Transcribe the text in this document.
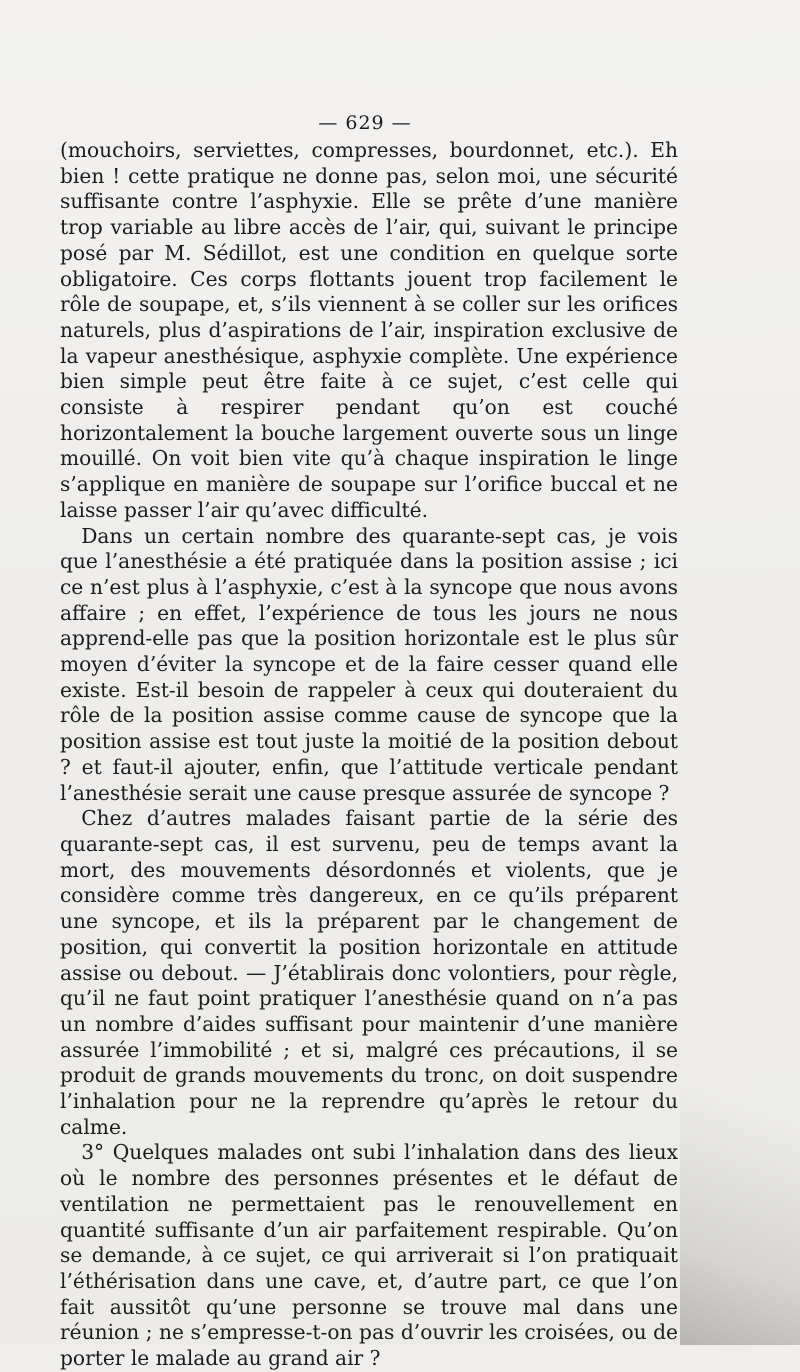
— 629 —

(mouchoirs, serviettes, compresses, bourdonnet, etc.). Eh bien ! cette pratique ne donne pas, selon moi, une sécurité suffisante contre l’asphyxie. Elle se prête d’une manière trop variable au libre accès de l’air, qui, suivant le principe posé par M. Sédillot, est une condition en quelque sorte obligatoire. Ces corps flottants jouent trop facilement le rôle de soupape, et, s’ils viennent à se coller sur les orifices naturels, plus d’aspirations de l’air, inspiration exclusive de la vapeur anesthésique, asphyxie complète. Une expérience bien simple peut être faite à ce sujet, c’est celle qui consiste à respirer pendant qu’on est couché horizontalement la bouche largement ouverte sous un linge mouillé. On voit bien vite qu’à chaque inspiration le linge s’applique en manière de soupape sur l’orifice buccal et ne laisse passer l’air qu’avec difficulté.

Dans un certain nombre des quarante-sept cas, je vois que l’anesthésie a été pratiquée dans la position assise ; ici ce n’est plus à l’asphyxie, c’est à la syncope que nous avons affaire ; en effet, l’expérience de tous les jours ne nous apprend-elle pas que la position horizontale est le plus sûr moyen d’éviter la syncope et de la faire cesser quand elle existe. Est-il besoin de rappeler à ceux qui douteraient du rôle de la position assise comme cause de syncope que la position assise est tout juste la moitié de la position debout ? et faut-il ajouter, enfin, que l’attitude verticale pendant l’anesthésie serait une cause presque assurée de syncope ?

Chez d’autres malades faisant partie de la série des quarante-sept cas, il est survenu, peu de temps avant la mort, des mouvements désordonnés et violents, que je considère comme très dangereux, en ce qu’ils préparent une syncope, et ils la préparent par le changement de position, qui convertit la position horizontale en attitude assise ou debout. — J’établirais donc volontiers, pour règle, qu’il ne faut point pratiquer l’anesthésie quand on n’a pas un nombre d’aides suffisant pour maintenir d’une manière assurée l’immobilité ; et si, malgré ces précautions, il se produit de grands mouvements du tronc, on doit suspendre l’inhalation pour ne la reprendre qu’après le retour du calme.

3° Quelques malades ont subi l’inhalation dans des lieux où le nombre des personnes présentes et le défaut de ventilation ne permettaient pas le renouvellement en quantité suffisante d’un air parfaitement respirable. Qu’on se demande, à ce sujet, ce qui arriverait si l’on pratiquait l’éthérisation dans une cave, et, d’autre part, ce que l’on fait aussitôt qu’une personne se trouve mal dans une réunion ; ne s’empresse-t-on pas d’ouvrir les croisées, ou de porter le malade au grand air ?
